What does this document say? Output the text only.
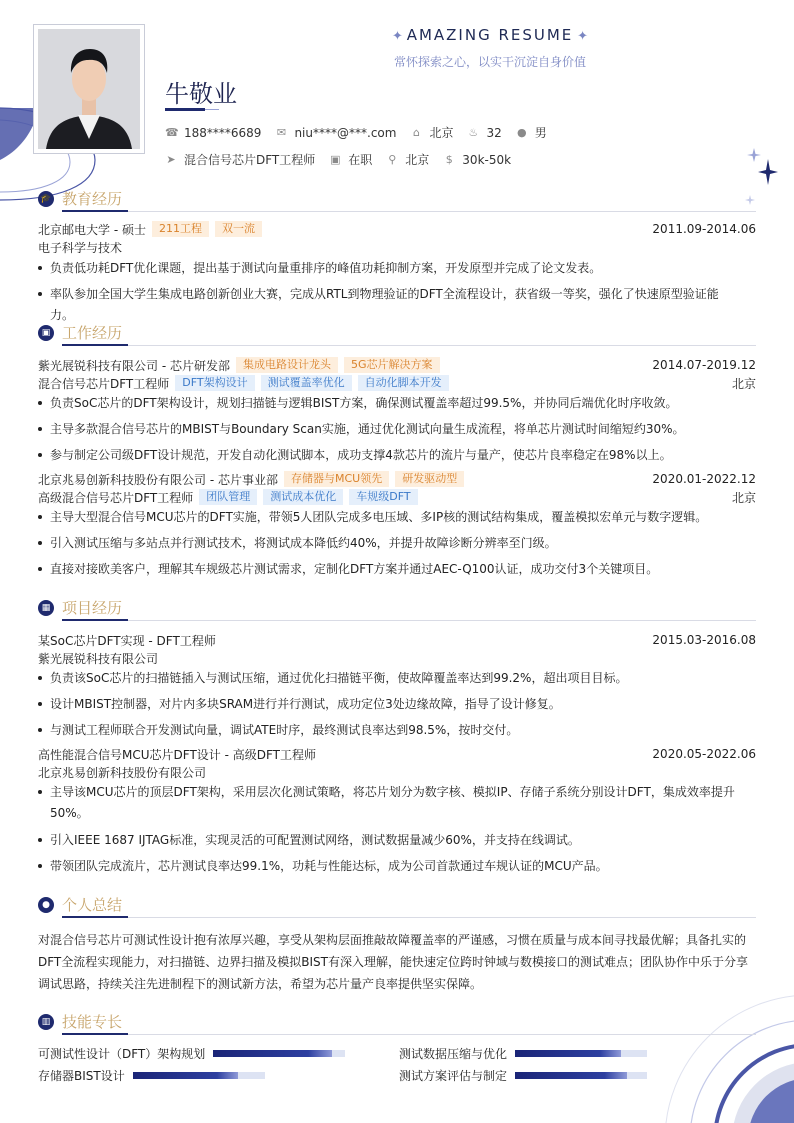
✦ AMAZING RESUME ✦
常怀探索之心，以实干沉淀自身价值
牛敬业
☎ 188****6689 ✉ niu****@***.com ⌂ 北京 ♨ 32 ● 男
➤ 混合信号芯片DFT工程师 ▣ 在职 ⚲ 北京 $ 30k-50k
🎓 教育经历
北京邮电大学 - 硕士	211工程	双一流	2011.09-2014.06
电子科学与技术
负责低功耗DFT优化课题，提出基于测试向量重排序的峰值功耗抑制方案，开发原型并完成了论文发表。
率队参加全国大学生集成电路创新创业大赛，完成从RTL到物理验证的DFT全流程设计，获省级一等奖，强化了快速原型验证能力。
▣ 工作经历
紫光展锐科技有限公司 - 芯片研发部	集成电路设计龙头	5G芯片解决方案	2014.07-2019.12
混合信号芯片DFT工程师	DFT架构设计	测试覆盖率优化	自动化脚本开发	北京
负责SoC芯片的DFT架构设计，规划扫描链与逻辑BIST方案，确保测试覆盖率超过99.5%，并协同后端优化时序收敛。
主导多款混合信号芯片的MBIST与Boundary Scan实施，通过优化测试向量生成流程，将单芯片测试时间缩短约30%。
参与制定公司级DFT设计规范，开发自动化测试脚本，成功支撑4款芯片的流片与量产，使芯片良率稳定在98%以上。
北京兆易创新科技股份有限公司 - 芯片事业部	存储器与MCU领先	研发驱动型	2020.01-2022.12
高级混合信号芯片DFT工程师	团队管理	测试成本优化	车规级DFT	北京
主导大型混合信号MCU芯片的DFT实施，带领5人团队完成多电压域、多IP核的测试结构集成，覆盖模拟宏单元与数字逻辑。
引入测试压缩与多站点并行测试技术，将测试成本降低约40%，并提升故障诊断分辨率至门级。
直接对接欧美客户，理解其车规级芯片测试需求，定制化DFT方案并通过AEC-Q100认证，成功交付3个关键项目。
▦ 项目经历
某SoC芯片DFT实现 - DFT工程师	2015.03-2016.08
紫光展锐科技有限公司
负责该SoC芯片的扫描链插入与测试压缩，通过优化扫描链平衡，使故障覆盖率达到99.2%，超出项目目标。
设计MBIST控制器，对片内多块SRAM进行并行测试，成功定位3处边缘故障，指导了设计修复。
与测试工程师联合开发测试向量，调试ATE时序，最终测试良率达到98.5%，按时交付。
高性能混合信号MCU芯片DFT设计 - 高级DFT工程师	2020.05-2022.06
北京兆易创新科技股份有限公司
主导该MCU芯片的顶层DFT架构，采用层次化测试策略，将芯片划分为数字核、模拟IP、存储子系统分别设计DFT，集成效率提升50%。
引入IEEE 1687 IJTAG标准，实现灵活的可配置测试网络，测试数据量减少60%，并支持在线调试。
带领团队完成流片，芯片测试良率达99.1%，功耗与性能达标，成为公司首款通过车规认证的MCU产品。
● 个人总结
对混合信号芯片可测试性设计抱有浓厚兴趣，享受从架构层面推敲故障覆盖率的严谨感，习惯在质量与成本间寻找最优解；具备扎实的DFT全流程实现能力，对扫描链、边界扫描及模拟BIST有深入理解，能快速定位跨时钟域与数模接口的测试难点；团队协作中乐于分享调试思路，持续关注先进制程下的测试新方法，希望为芯片量产良率提供坚实保障。
▥ 技能专长
可测试性设计（DFT）架构规划	测试数据压缩与优化
存储器BIST设计	测试方案评估与制定
